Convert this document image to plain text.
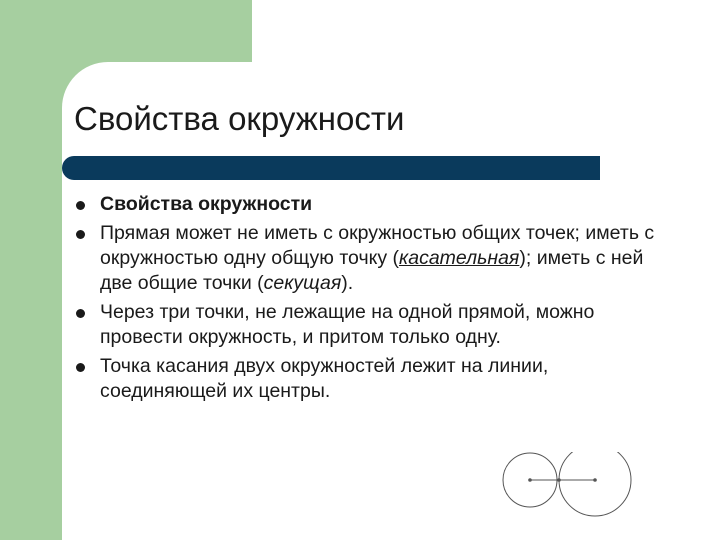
Свойства окружности
Свойства окружности
Прямая может не иметь с окружностью общих точек; иметь с окружностью одну общую точку (касательная); иметь с ней две общие точки (секущая).
Через три точки, не лежащие на одной прямой, можно провести окружность, и притом только одну.
Точка касания двух окружностей лежит на линии, соединяющей их центры.
